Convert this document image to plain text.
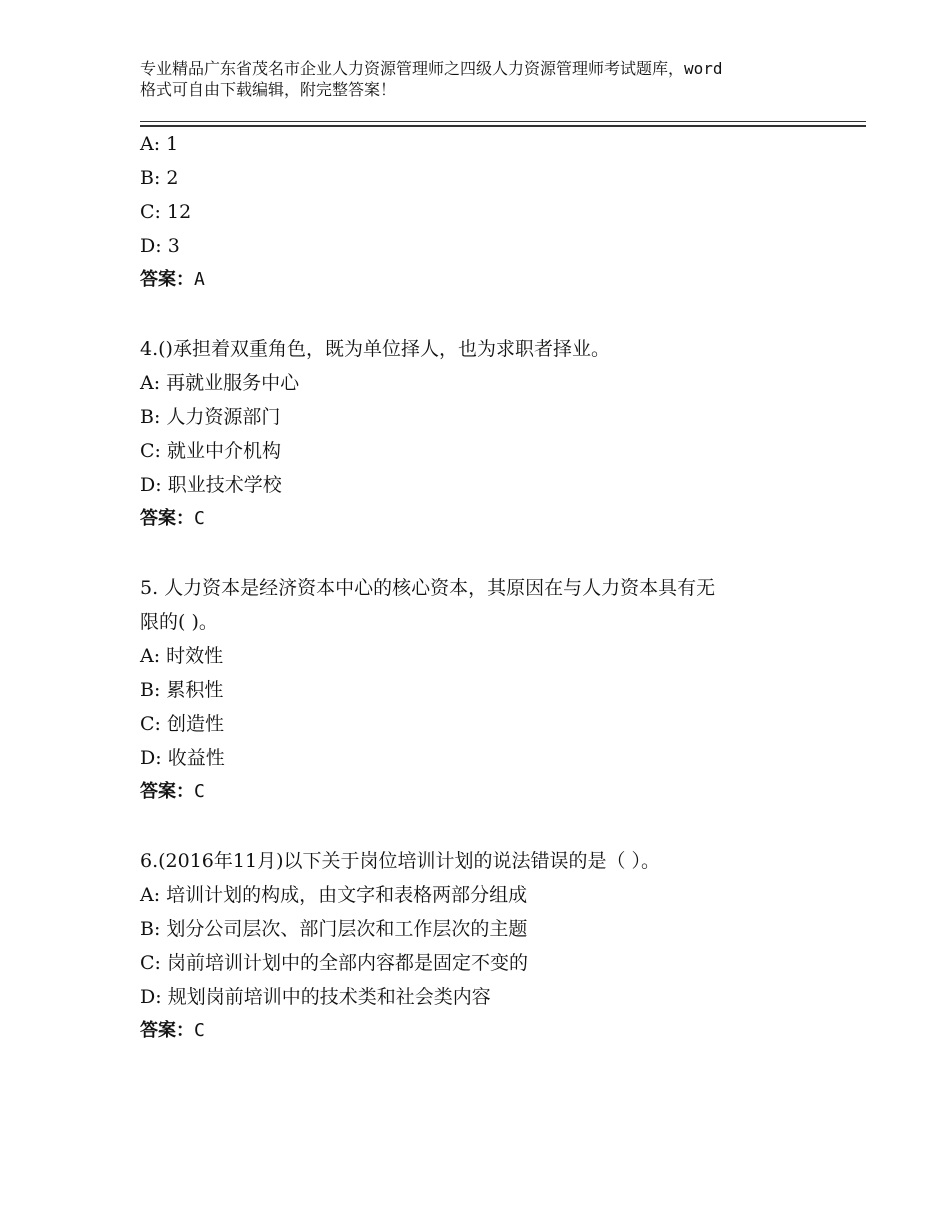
专业精品广东省茂名市企业人力资源管理师之四级人力资源管理师考试题库，word
格式可自由下载编辑，附完整答案！
A: 1
B: 2
C: 12
D: 3
答案：A
4.()承担着双重角色，既为单位择人，也为求职者择业。
A: 再就业服务中心
B: 人力资源部门
C: 就业中介机构
D: 职业技术学校
答案：C
5. 人力资本是经济资本中心的核心资本，其原因在与人力资本具有无
限的( )。
A: 时效性
B: 累积性
C: 创造性
D: 收益性
答案：C
6.(2016年11月)以下关于岗位培训计划的说法错误的是（ ）。
A: 培训计划的构成，由文字和表格两部分组成
B: 划分公司层次、部门层次和工作层次的主题
C: 岗前培训计划中的全部内容都是固定不变的
D: 规划岗前培训中的技术类和社会类内容
答案：C
